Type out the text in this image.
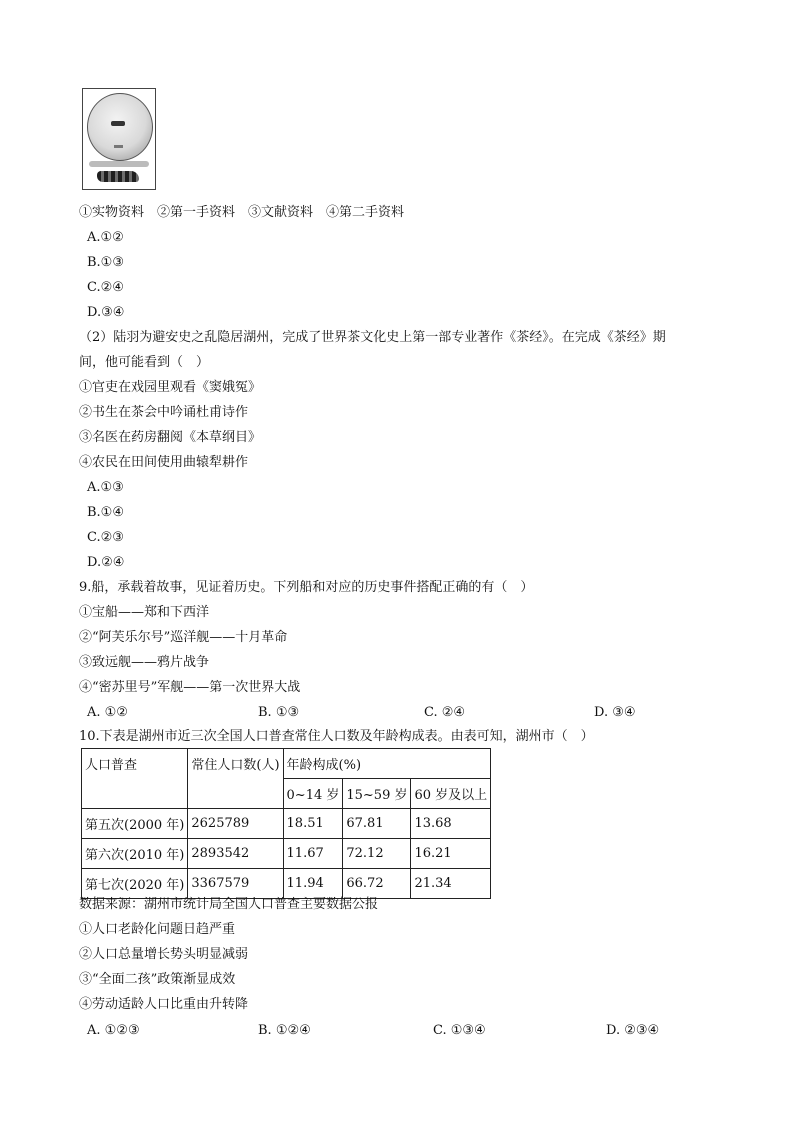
①实物资料　②第一手资料　③文献资料　④第二手资料
A.①②
B.①③
C.②④
D.③④
（2）陆羽为避安史之乱隐居湖州，完成了世界茶文化史上第一部专业著作《茶经》。在完成《茶经》期
间，他可能看到（　）
①官吏在戏园里观看《窦娥冤》
②书生在茶会中吟诵杜甫诗作
③名医在药房翻阅《本草纲目》
④农民在田间使用曲辕犁耕作
A.①③
B.①④
C.②③
D.②④
9.船，承载着故事，见证着历史。下列船和对应的历史事件搭配正确的有（　）
①宝船——郑和下西洋
②“阿芙乐尔号”巡洋舰——十月革命
③致远舰——鸦片战争
④“密苏里号”军舰——第一次世界大战
A. ①②	B. ①③	C. ②④	D. ③④
10.下表是湖州市近三次全国人口普查常住人口数及年龄构成表。由表可知，湖州市（　）
人口普查	常住人口数(人)	年龄构成(%)		
		0~14 岁	15~59 岁	60 岁及以上
第五次(2000 年)	2625789	18.51	67.81	13.68
第六次(2010 年)	2893542	11.67	72.12	16.21
第七次(2020 年)	3367579	11.94	66.72	21.34
数据来源：湖州市统计局全国人口普查主要数据公报
①人口老龄化问题日趋严重
②人口总量增长势头明显减弱
③“全面二孩”政策渐显成效
④劳动适龄人口比重由升转降
A. ①②③	B. ①②④	C. ①③④	D. ②③④
